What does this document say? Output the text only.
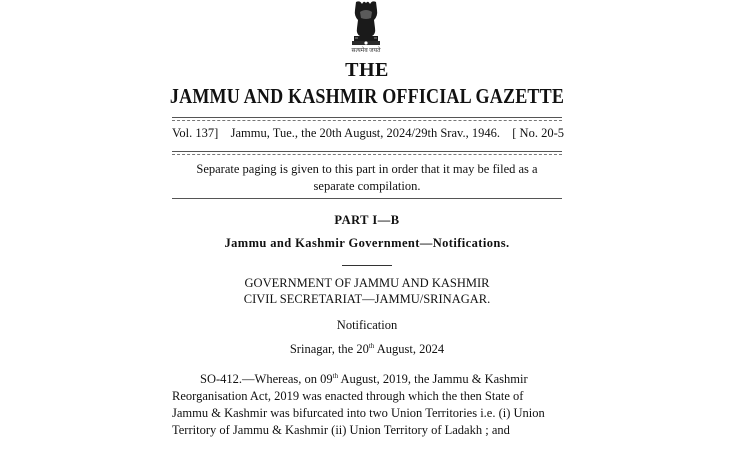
सत्यमेव जयते
THE
JAMMU AND KASHMIR OFFICIAL GAZETTE
Vol. 137] Jammu, Tue., the 20th August, 2024/29th Srav., 1946. [ No. 20-5
Separate paging is given to this part in order that it may be filed as a
separate compilation.
PART I—B
Jammu and Kashmir Government—Notifications.
GOVERNMENT OF JAMMU AND KASHMIR
CIVIL SECRETARIAT—JAMMU/SRINAGAR.
Notification
Srinagar, the 20th August, 2024
SO-412.—Whereas, on 09th August, 2019, the Jammu & Kashmir
Reorganisation Act, 2019 was enacted through which the then State of
Jammu & Kashmir was bifurcated into two Union Territories i.e. (i) Union
Territory of Jammu & Kashmir (ii) Union Territory of Ladakh ; and
